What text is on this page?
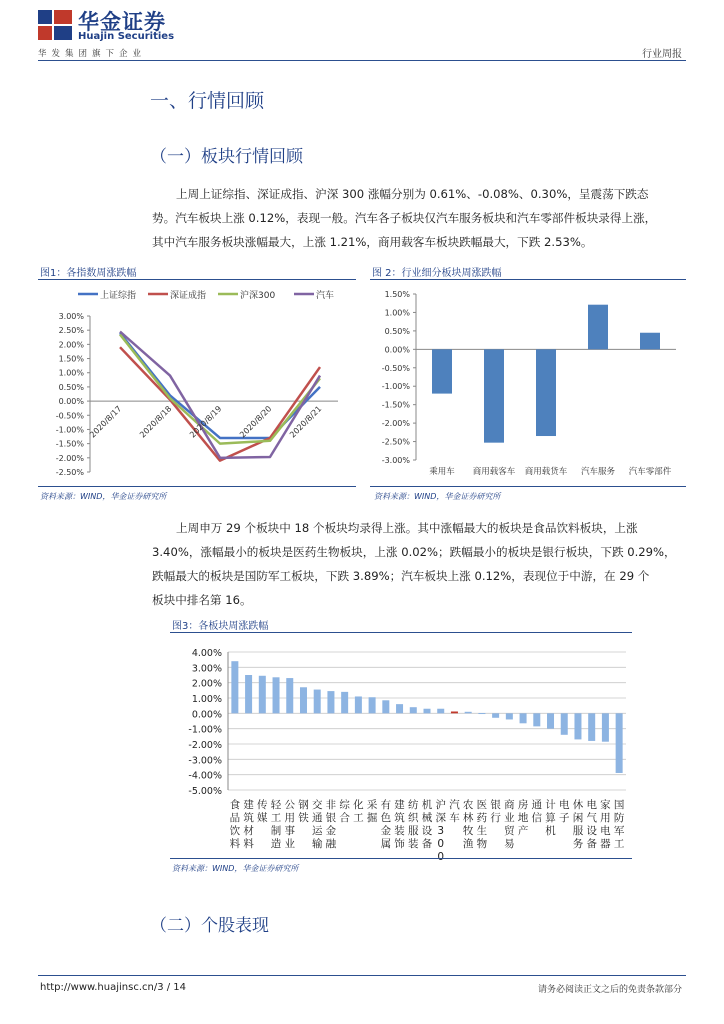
华金证券
Huajin Securities
华发集团旗下企业	行业周报
一、行情回顾
（一）板块行情回顾

上周上证综指、深证成指、沪深 300 涨幅分别为 0.61%、-0.08%、0.30%，呈震荡下跌态

势。汽车板块上涨 0.12%，表现一般。汽车各子板块仅汽车服务板块和汽车零部件板块录得上涨，

其中汽车服务板块涨幅最大，上涨 1.21%，商用载客车板块跌幅最大，下跌 2.53%。

图1：各指数周涨跌幅
上证综指	深证成指	沪深300	汽车
3.00%
2.50%
2.00%
1.50%
1.00%
0.50%
0.00%
-0.50%
-1.00%
-1.50%
-2.00%
-2.50%
2020/8/17 2020/8/18 2020/8/19 2020/8/20 2020/8/21
资料来源：WIND，华金证券研究所
图 2：行业细分板块周涨跌幅
1.50%
1.00%
0.50%
0.00%
-0.50%
-1.00%
-1.50%
-2.00%
-2.50%
-3.00%
乘用车 商用载客车 商用载货车 汽车服务 汽车零部件
资料来源：WIND，华金证券研究所

上周申万 29 个板块中 18 个板块均录得上涨。其中涨幅最大的板块是食品饮料板块，上涨

3.40%，涨幅最小的板块是医药生物板块，上涨 0.02%；跌幅最小的板块是银行板块，下跌 0.29%，

跌幅最大的板块是国防军工板块，下跌 3.89%；汽车板块上涨 0.12%，表现位于中游，在 29 个

板块中排名第 16。

图3：各板块周涨跌幅
4.00%
3.00%
2.00%
1.00%
0.00%
-1.00%
-2.00%
-3.00%
-4.00%
-5.00%
食品饮料
建筑材料
传媒
轻工制造
公用事业
钢铁
交通运输
非银金融
综合
化工
采掘
有色金属
建筑装饰
纺织服装
机械设备
沪深 3 0 0
汽车
农林牧渔
医药生物
银行
商业贸易
房地产
通信
计算机
电子
休闲服务
电气设备
家用电器
国防军工
资料来源：WIND，华金证券研究所
（二）个股表现
http://www.huajinsc.cn/3 / 14	请务必阅读正文之后的免责条款部分
